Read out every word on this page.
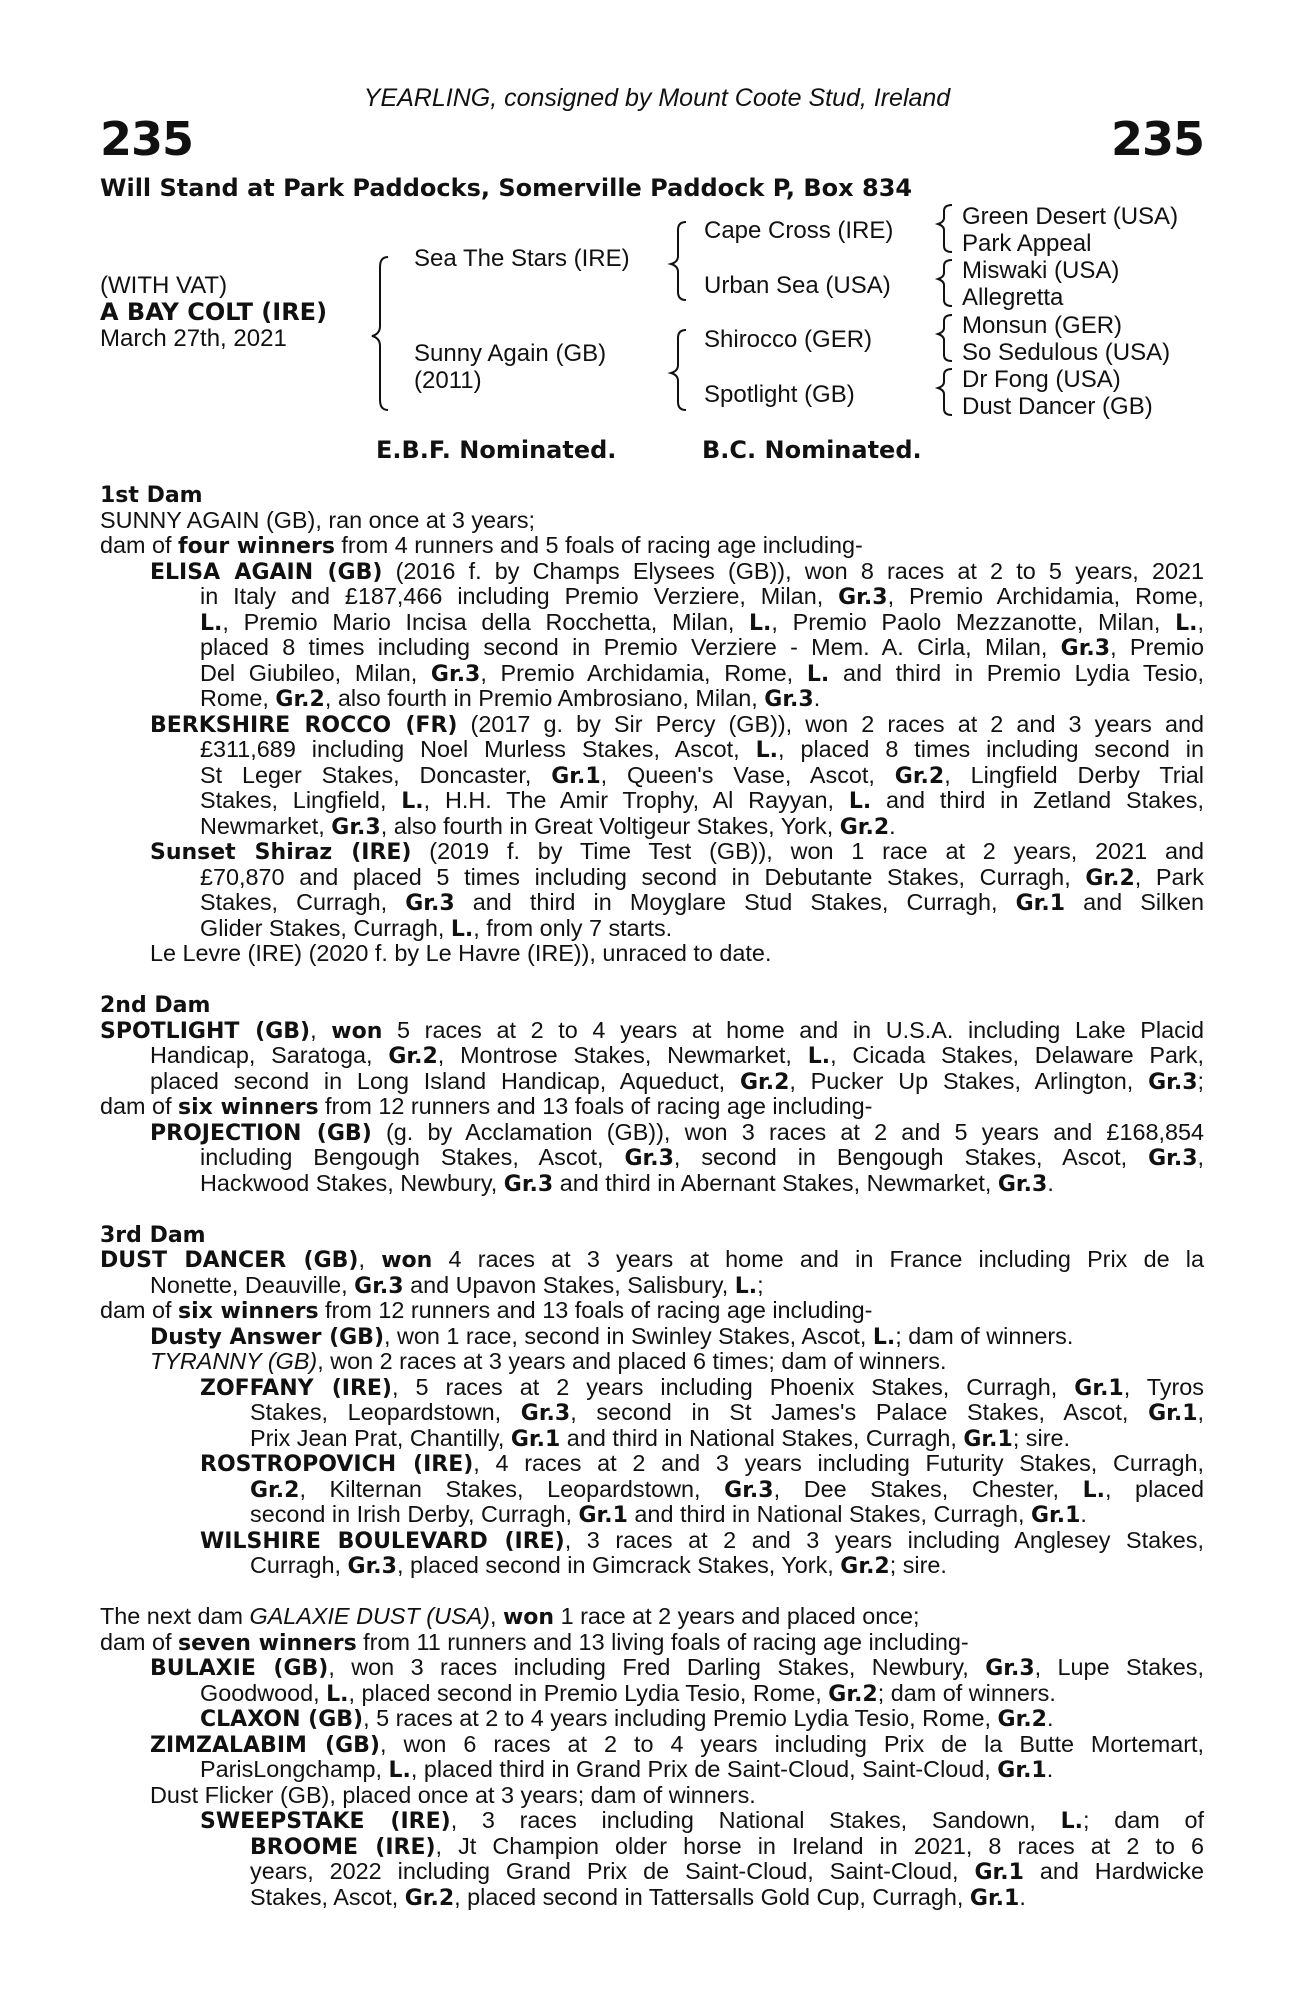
YEARLING, consigned by Mount Coote Stud, Ireland
235	235
Will Stand at Park Paddocks, Somerville Paddock P, Box 834
(WITH VAT)
A BAY COLT (IRE)
March 27th, 2021
Sea The Stars (IRE)
Sunny Again (GB)
(2011)
Cape Cross (IRE)
Urban Sea (USA)
Shirocco (GER)
Spotlight (GB)
Green Desert (USA)
Park Appeal
Miswaki (USA)
Allegretta
Monsun (GER)
So Sedulous (USA)
Dr Fong (USA)
Dust Dancer (GB)
E.B.F. Nominated.	B.C. Nominated.
1st Dam
SUNNY AGAIN (GB), ran once at 3 years;
dam of four winners from 4 runners and 5 foals of racing age including-
ELISA AGAIN (GB) (2016 f. by Champs Elysees (GB)), won 8 races at 2 to 5 years, 2021
in Italy and £187,466 including Premio Verziere, Milan, Gr.3, Premio Archidamia, Rome,
L., Premio Mario Incisa della Rocchetta, Milan, L., Premio Paolo Mezzanotte, Milan, L.,
placed 8 times including second in Premio Verziere - Mem. A. Cirla, Milan, Gr.3, Premio
Del Giubileo, Milan, Gr.3, Premio Archidamia, Rome, L. and third in Premio Lydia Tesio,
Rome, Gr.2, also fourth in Premio Ambrosiano, Milan, Gr.3.
BERKSHIRE ROCCO (FR) (2017 g. by Sir Percy (GB)), won 2 races at 2 and 3 years and
£311,689 including Noel Murless Stakes, Ascot, L., placed 8 times including second in
St Leger Stakes, Doncaster, Gr.1, Queen's Vase, Ascot, Gr.2, Lingfield Derby Trial
Stakes, Lingfield, L., H.H. The Amir Trophy, Al Rayyan, L. and third in Zetland Stakes,
Newmarket, Gr.3, also fourth in Great Voltigeur Stakes, York, Gr.2.
Sunset Shiraz (IRE) (2019 f. by Time Test (GB)), won 1 race at 2 years, 2021 and
£70,870 and placed 5 times including second in Debutante Stakes, Curragh, Gr.2, Park
Stakes, Curragh, Gr.3 and third in Moyglare Stud Stakes, Curragh, Gr.1 and Silken
Glider Stakes, Curragh, L., from only 7 starts.
Le Levre (IRE) (2020 f. by Le Havre (IRE)), unraced to date.
2nd Dam
SPOTLIGHT (GB), won 5 races at 2 to 4 years at home and in U.S.A. including Lake Placid
Handicap, Saratoga, Gr.2, Montrose Stakes, Newmarket, L., Cicada Stakes, Delaware Park,
placed second in Long Island Handicap, Aqueduct, Gr.2, Pucker Up Stakes, Arlington, Gr.3;
dam of six winners from 12 runners and 13 foals of racing age including-
PROJECTION (GB) (g. by Acclamation (GB)), won 3 races at 2 and 5 years and £168,854
including Bengough Stakes, Ascot, Gr.3, second in Bengough Stakes, Ascot, Gr.3,
Hackwood Stakes, Newbury, Gr.3 and third in Abernant Stakes, Newmarket, Gr.3.
3rd Dam
DUST DANCER (GB), won 4 races at 3 years at home and in France including Prix de la
Nonette, Deauville, Gr.3 and Upavon Stakes, Salisbury, L.;
dam of six winners from 12 runners and 13 foals of racing age including-
Dusty Answer (GB), won 1 race, second in Swinley Stakes, Ascot, L.; dam of winners.
TYRANNY (GB), won 2 races at 3 years and placed 6 times; dam of winners.
ZOFFANY (IRE), 5 races at 2 years including Phoenix Stakes, Curragh, Gr.1, Tyros
Stakes, Leopardstown, Gr.3, second in St James's Palace Stakes, Ascot, Gr.1,
Prix Jean Prat, Chantilly, Gr.1 and third in National Stakes, Curragh, Gr.1; sire.
ROSTROPOVICH (IRE), 4 races at 2 and 3 years including Futurity Stakes, Curragh,
Gr.2, Kilternan Stakes, Leopardstown, Gr.3, Dee Stakes, Chester, L., placed
second in Irish Derby, Curragh, Gr.1 and third in National Stakes, Curragh, Gr.1.
WILSHIRE BOULEVARD (IRE), 3 races at 2 and 3 years including Anglesey Stakes,
Curragh, Gr.3, placed second in Gimcrack Stakes, York, Gr.2; sire.
The next dam GALAXIE DUST (USA), won 1 race at 2 years and placed once;
dam of seven winners from 11 runners and 13 living foals of racing age including-
BULAXIE (GB), won 3 races including Fred Darling Stakes, Newbury, Gr.3, Lupe Stakes,
Goodwood, L., placed second in Premio Lydia Tesio, Rome, Gr.2; dam of winners.
CLAXON (GB), 5 races at 2 to 4 years including Premio Lydia Tesio, Rome, Gr.2.
ZIMZALABIM (GB), won 6 races at 2 to 4 years including Prix de la Butte Mortemart,
ParisLongchamp, L., placed third in Grand Prix de Saint-Cloud, Saint-Cloud, Gr.1.
Dust Flicker (GB), placed once at 3 years; dam of winners.
SWEEPSTAKE (IRE), 3 races including National Stakes, Sandown, L.; dam of
BROOME (IRE), Jt Champion older horse in Ireland in 2021, 8 races at 2 to 6
years, 2022 including Grand Prix de Saint-Cloud, Saint-Cloud, Gr.1 and Hardwicke
Stakes, Ascot, Gr.2, placed second in Tattersalls Gold Cup, Curragh, Gr.1.
